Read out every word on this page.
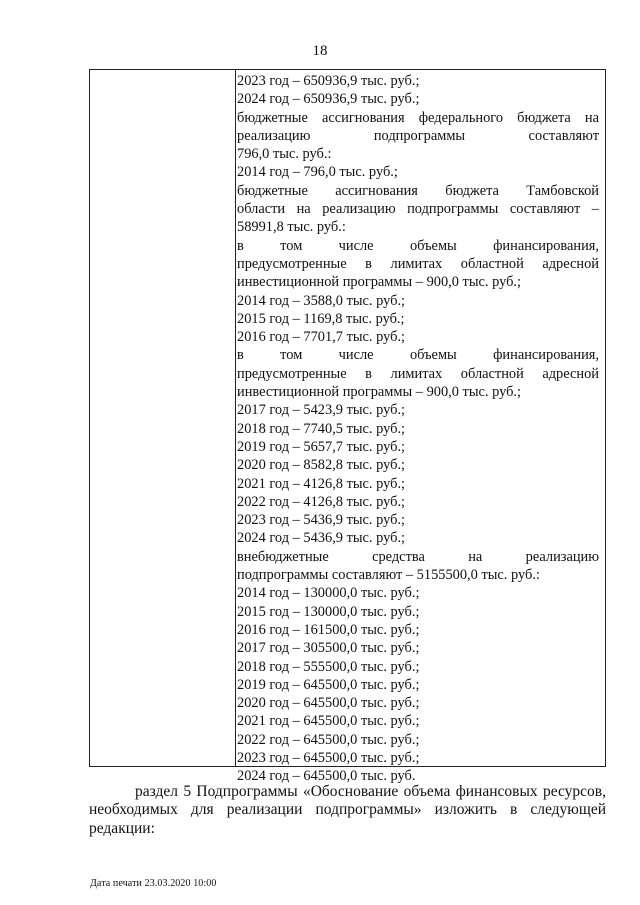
18
2023 год – 650936,9 тыс. руб.;
2024 год – 650936,9 тыс. руб.;
бюджетные ассигнования федерального бюджета на
реализацию подпрограммы составляют
796,0 тыс. руб.:
2014 год – 796,0 тыс. руб.;
бюджетные ассигнования бюджета Тамбовской
области на реализацию подпрограммы составляют –
58991,8 тыс. руб.:
в том числе объемы финансирования,
предусмотренные в лимитах областной адресной
инвестиционной программы – 900,0 тыс. руб.;
2014 год – 3588,0 тыс. руб.;
2015 год – 1169,8 тыс. руб.;
2016 год – 7701,7 тыс. руб.;
в том числе объемы финансирования,
предусмотренные в лимитах областной адресной
инвестиционной программы – 900,0 тыс. руб.;
2017 год – 5423,9 тыс. руб.;
2018 год – 7740,5 тыс. руб.;
2019 год – 5657,7 тыс. руб.;
2020 год – 8582,8 тыс. руб.;
2021 год – 4126,8 тыс. руб.;
2022 год – 4126,8 тыс. руб.;
2023 год – 5436,9 тыс. руб.;
2024 год – 5436,9 тыс. руб.;
внебюджетные средства на реализацию
подпрограммы составляют – 5155500,0 тыс. руб.:
2014 год – 130000,0 тыс. руб.;
2015 год – 130000,0 тыс. руб.;
2016 год – 161500,0 тыс. руб.;
2017 год – 305500,0 тыс. руб.;
2018 год – 555500,0 тыс. руб.;
2019 год – 645500,0 тыс. руб.;
2020 год – 645500,0 тыс. руб.;
2021 год – 645500,0 тыс. руб.;
2022 год – 645500,0 тыс. руб.;
2023 год – 645500,0 тыс. руб.;
2024 год – 645500,0 тыс. руб.
раздел 5 Подпрограммы «Обоснование объема финансовых ресурсов,
необходимых для реализации подпрограммы» изложить в следующей
редакции:
Дата печати 23.03.2020 10:00
